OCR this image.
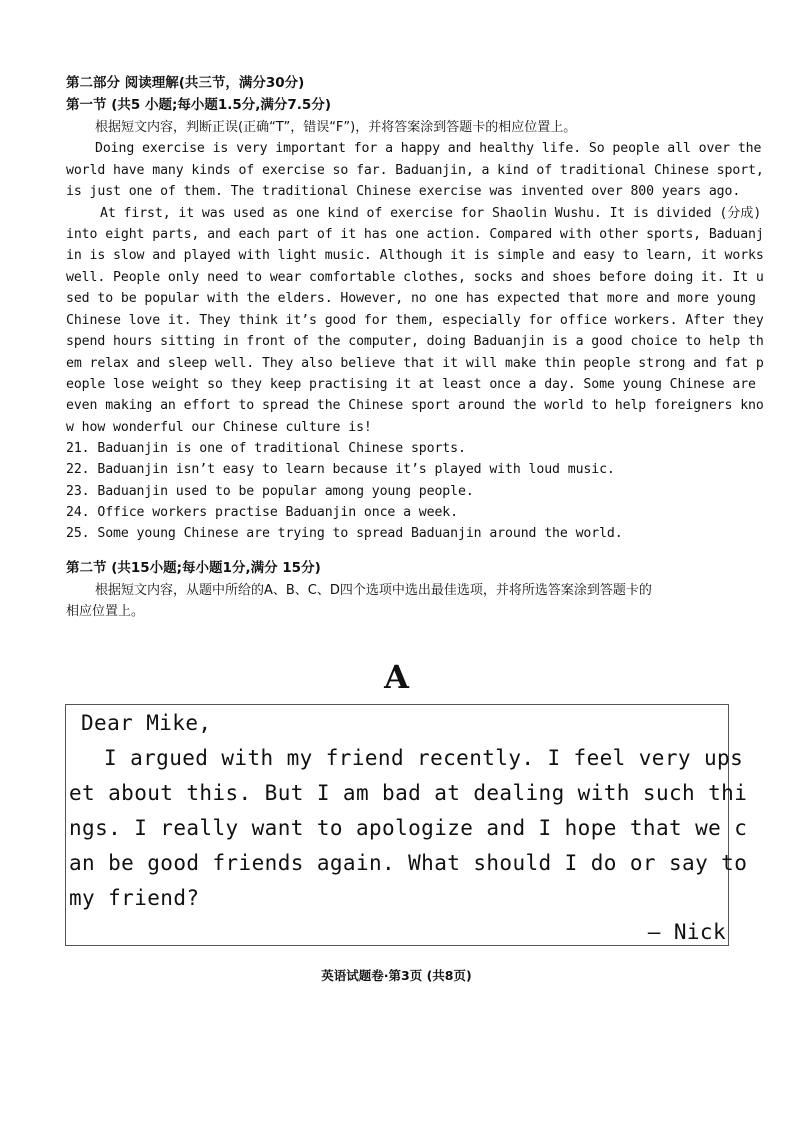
第二部分 阅读理解(共三节，满分30分)
第一节 (共5 小题;每小题1.5分,满分7.5分)
根据短文内容，判断正误(正确“T”，错误“F”)，并将答案涂到答题卡的相应位置上。
Doing exercise is very important for a happy and healthy life. So people all over the
world have many kinds of exercise so far. Baduanjin, a kind of traditional Chinese sport,
is just one of them. The traditional Chinese exercise was invented over 800 years ago.
At first, it was used as one kind of exercise for Shaolin Wushu. It is divided (分成)
into eight parts, and each part of it has one action. Compared with other sports, Baduanj
in is slow and played with light music. Although it is simple and easy to learn, it works
well. People only need to wear comfortable clothes, socks and shoes before doing it. It u
sed to be popular with the elders. However, no one has expected that more and more young
Chinese love it. They think it’s good for them, especially for office workers. After they
spend hours sitting in front of the computer, doing Baduanjin is a good choice to help th
em relax and sleep well. They also believe that it will make thin people strong and fat p
eople lose weight so they keep practising it at least once a day. Some young Chinese are
even making an effort to spread the Chinese sport around the world to help foreigners kno
w how wonderful our Chinese culture is!
21. Baduanjin is one of traditional Chinese sports.
22. Baduanjin isn’t easy to learn because it’s played with loud music.
23. Baduanjin used to be popular among young people.
24. Office workers practise Baduanjin once a week.
25. Some young Chinese are trying to spread Baduanjin around the world.
第二节 (共15小题;每小题1分,满分 15分)
根据短文内容，从题中所给的A、B、C、D四个选项中选出最佳选项，并将所选答案涂到答题卡的
相应位置上。
A
Dear Mike,
I argued with my friend recently. I feel very ups
et about this. But I am bad at dealing with such thi
ngs. I really want to apologize and I hope that we c
an be good friends again. What should I do or say to
my friend?
— Nick
英语试题卷·第3页 (共8页)
